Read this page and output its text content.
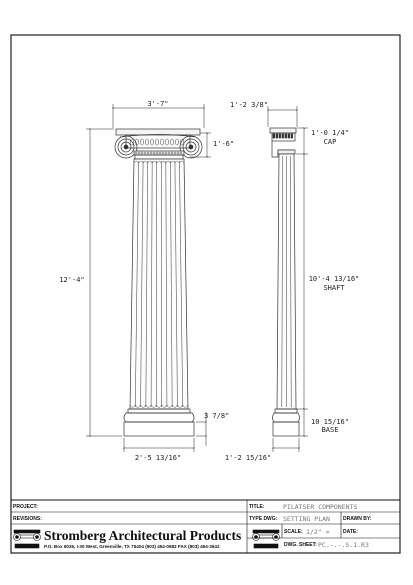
3'-7"
1'-6"
12'-4"
3 7/8"
2'-5 13/16"
1'-2 3/8"
1'-0 1/4"
CAP
10'-4 13/16"
SHAFT
10 15/16"
BASE
1'-2 15/16"
PROJECT:
REVISIONS:
TITLE:	PILATSER COMPONENTS
TYPE DWG: SETTING PLAN	DRAWN BY:
SCALE: 1/2" =	DATE:
DWG. SHEET: PC.-.-.S.1.R3
Stromberg Architectural Products
P.O. Box 6036, I-30 West, Greenville, TX 75404 (903) 454-0682 FAX (903) 454-3642
